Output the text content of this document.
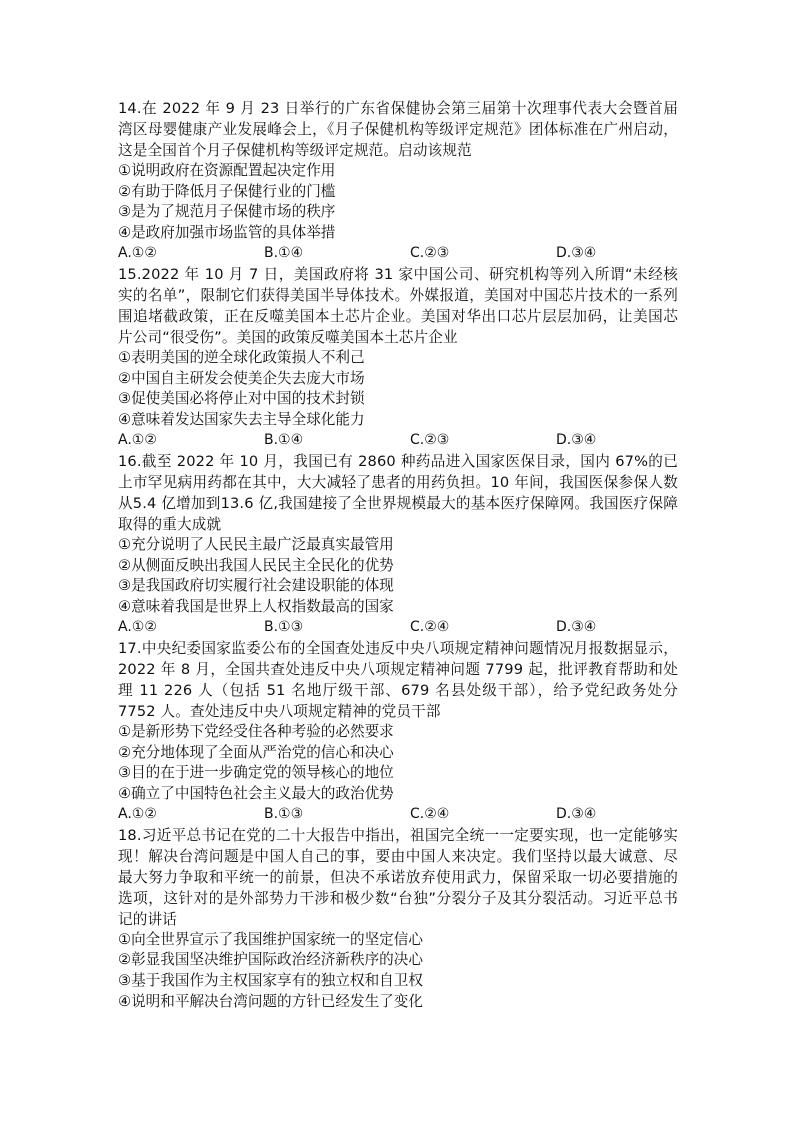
14.在 2022 年 9 月 23 日举行的广东省保健协会第三届第十次理事代表大会暨首届湾区母婴健康产业发展峰会上，《月子保健机构等级评定规范》团体标准在广州启动，这是全国首个月子保健机构等级评定规范。启动该规范

①说明政府在资源配置起决定作用

②有助于降低月子保健行业的门槛

③是为了规范月子保健市场的秩序

④是政府加强市场监管的具体举措

A.①②	B.①④	C.②③	D.③④

15.2022 年 10 月 7 日，美国政府将 31 家中国公司、研究机构等列入所谓“未经核实的名单”，限制它们获得美国半导体技术。外媒报道，美国对中国芯片技术的一系列围追堵截政策，正在反噬美国本土芯片企业。美国对华出口芯片层层加码，让美国芯片公司“很受伤”。美国的政策反噬美国本土芯片企业

①表明美国的逆全球化政策损人不利己

②中国自主研发会使美企失去庞大市场

③促使美国必将停止对中国的技术封锁

④意味着发达国家失去主导全球化能力

A.①②	B.①④	C.②③	D.③④

16.截至 2022 年 10 月，我国已有 2860 种药品进入国家医保目录，国内 67%的已上市罕见病用药都在其中，大大减轻了患者的用药负担。10 年间，我国医保参保人数从5.4 亿增加到13.6 亿,我国建接了全世界规模最大的基本医疗保障网。我国医疗保障取得的重大成就

①充分说明了人民民主最广泛最真实最管用

②从侧面反映出我国人民民主全民化的优势

③是我国政府切实履行社会建设职能的体现

④意味着我国是世界上人权指数最高的国家

A.①②	B.①③	C.②④	D.③④

17.中央纪委国家监委公布的全国查处违反中央八项规定精神问题情况月报数据显示，2022 年 8 月，全国共查处违反中央八项规定精神问题 7799 起，批评教育帮助和处理 11 226 人（包括 51 名地厅级干部、679 名县处级干部），给予党纪政务处分 7752 人。查处违反中央八项规定精神的党员干部

①是新形势下党经受住各种考验的必然要求

②充分地体现了全面从严治党的信心和决心

③目的在于进一步确定党的领导核心的地位

④确立了中国特色社会主义最大的政治优势

A.①②	B.①③	C.②④	D.③④

18.习近平总书记在党的二十大报告中指出，祖国完全统一一定要实现，也一定能够实现！解决台湾问题是中国人自己的事，要由中国人来决定。我们坚持以最大诚意、尽最大努力争取和平统一的前景，但决不承诺放弃使用武力，保留采取一切必要措施的选项，这针对的是外部势力干涉和极少数“台独”分裂分子及其分裂活动。习近平总书记的讲话

①向全世界宣示了我国维护国家统一的坚定信心

②彰显我国坚决维护国际政治经济新秩序的决心

③基于我国作为主权国家享有的独立权和自卫权

④说明和平解决台湾问题的方针已经发生了变化
